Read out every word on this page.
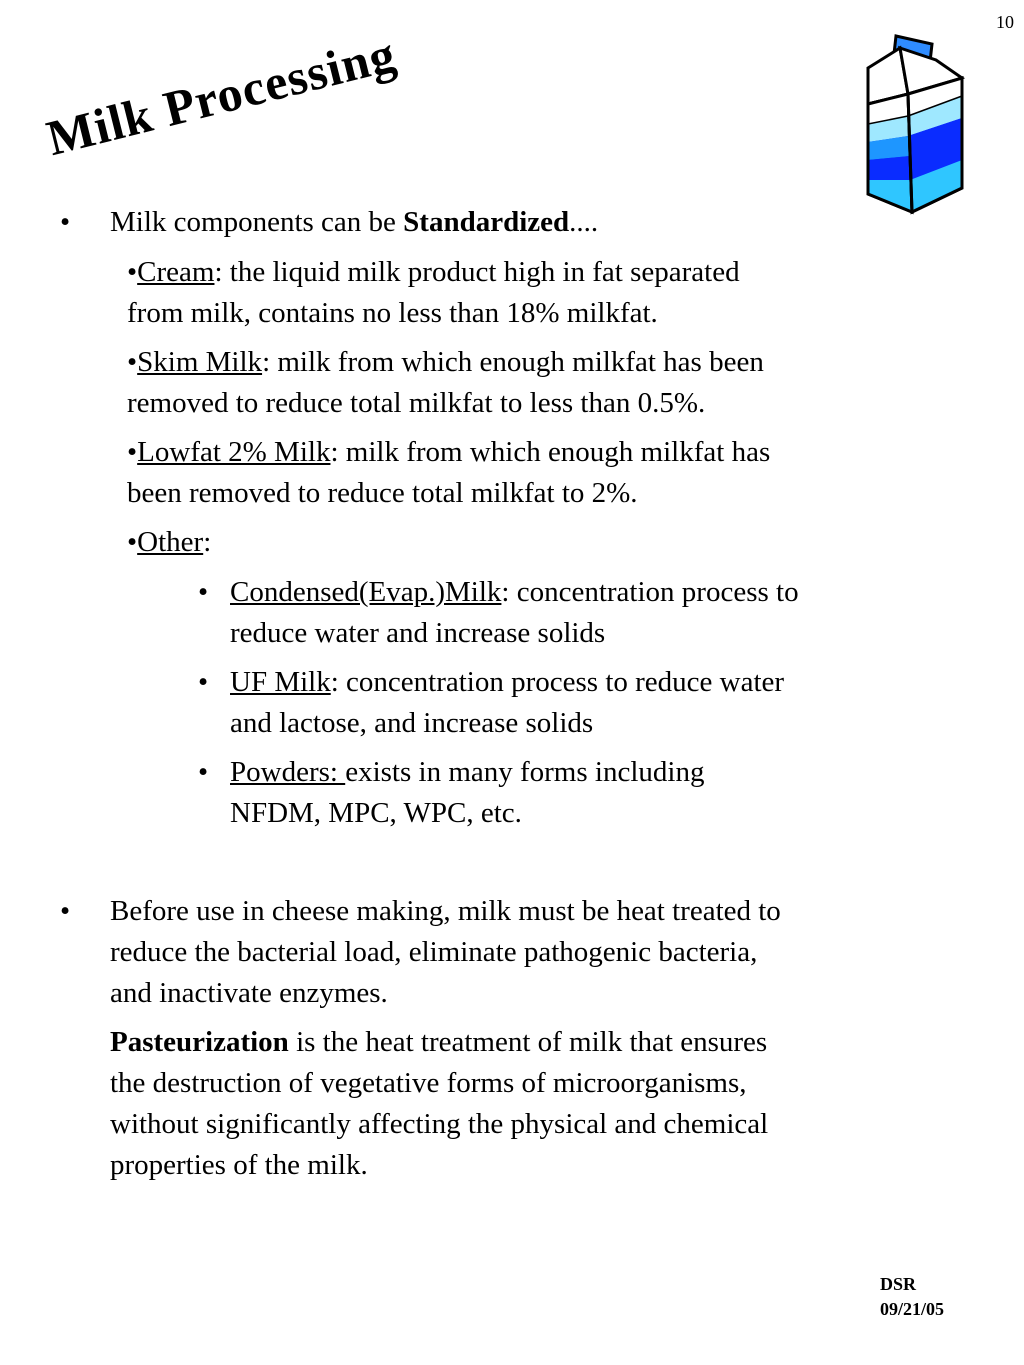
10
Milk Processing
• Milk components can be Standardized....
•Cream: the liquid milk product high in fat separated
from milk, contains no less than 18% milkfat.
•Skim Milk: milk from which enough milkfat has been
removed to reduce total milkfat to less than 0.5%.
•Lowfat 2% Milk: milk from which enough milkfat has
been removed to reduce total milkfat to 2%.
•Other:
• Condensed(Evap.)Milk: concentration process to
reduce water and increase solids
• UF Milk: concentration process to reduce water
and lactose, and increase solids
• Powders: exists in many forms including
NFDM, MPC, WPC, etc.
• Before use in cheese making, milk must be heat treated to
reduce the bacterial load, eliminate pathogenic bacteria,
and inactivate enzymes.
Pasteurization is the heat treatment of milk that ensures
the destruction of vegetative forms of microorganisms,
without significantly affecting the physical and chemical
properties of the milk.
DSR
09/21/05
